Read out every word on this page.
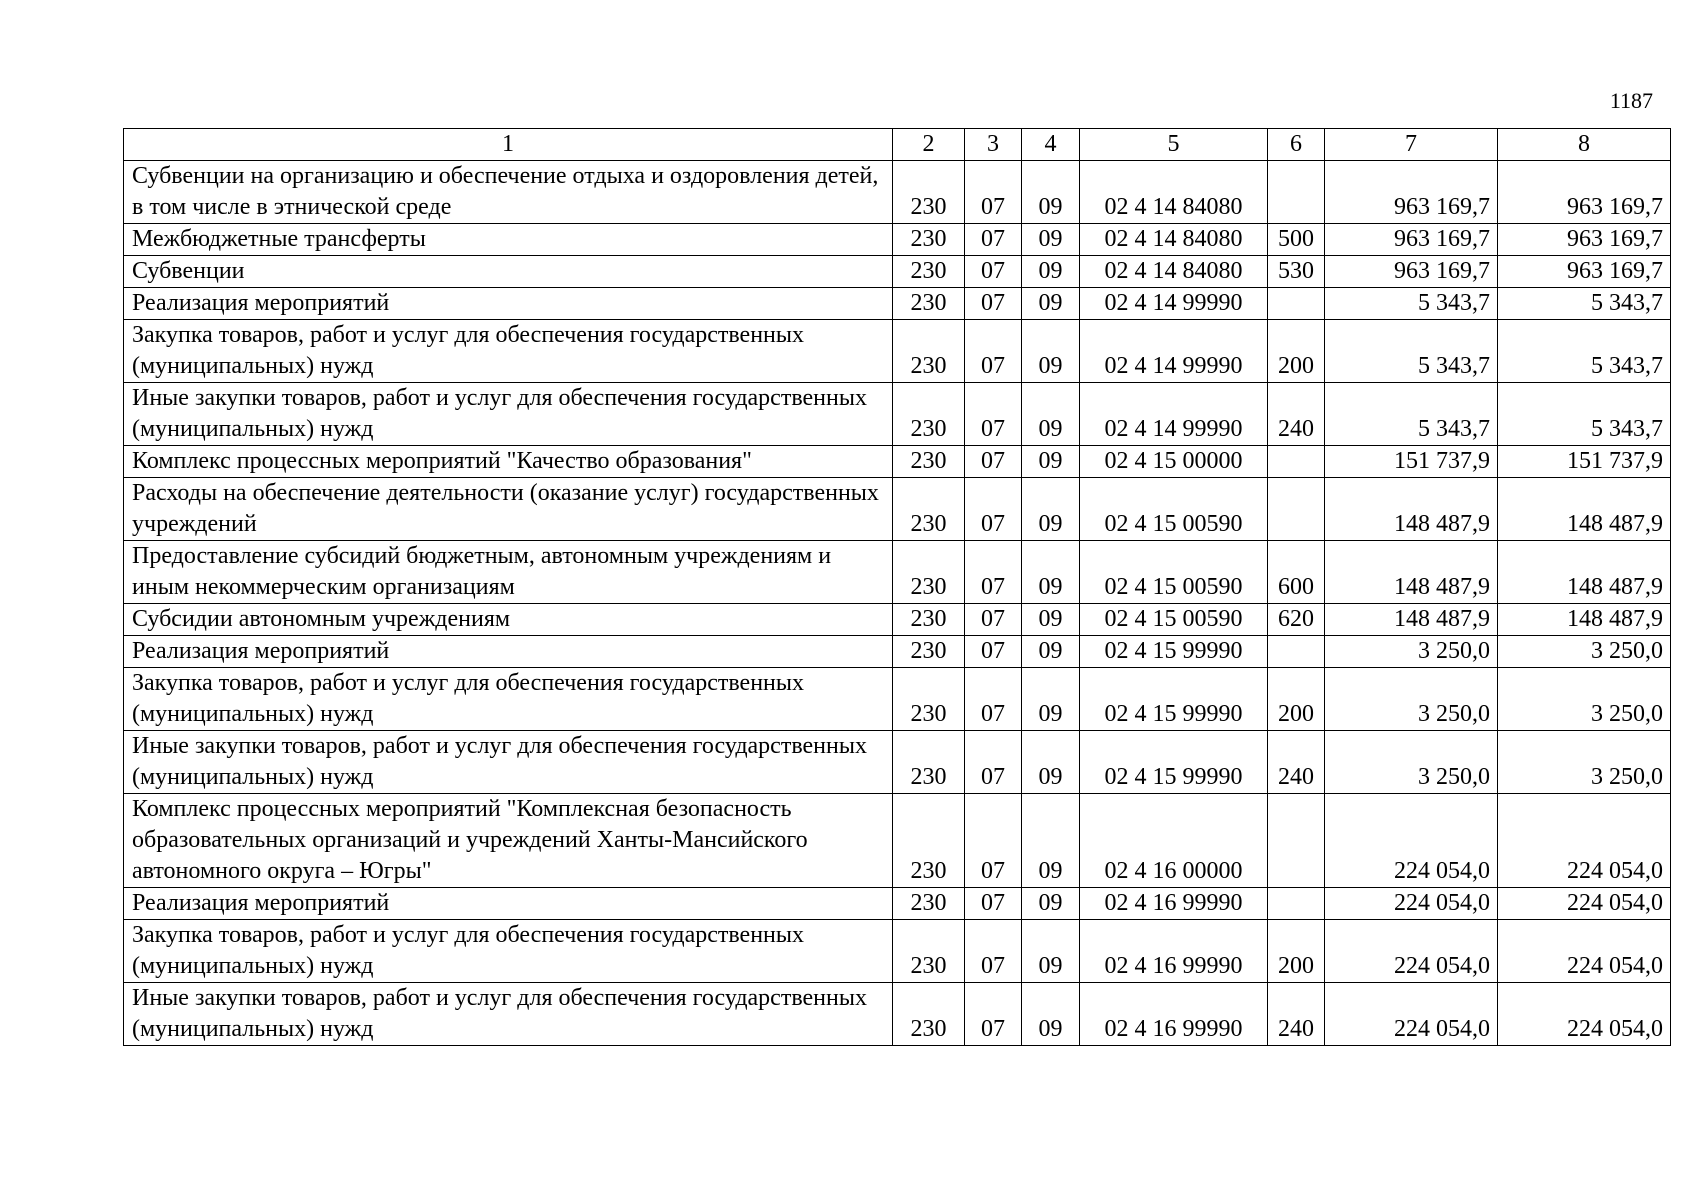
1187
1	2	3	4	5	6	7	8
Субвенции на организацию и обеспечение отдыха и оздоровления детей, в том числе в этнической среде	230	07	09	02 4 14 84080		963 169,7	963 169,7
Межбюджетные трансферты	230	07	09	02 4 14 84080	500	963 169,7	963 169,7
Субвенции	230	07	09	02 4 14 84080	530	963 169,7	963 169,7
Реализация мероприятий	230	07	09	02 4 14 99990		5 343,7	5 343,7
Закупка товаров, работ и услуг для обеспечения государственных (муниципальных) нужд	230	07	09	02 4 14 99990	200	5 343,7	5 343,7
Иные закупки товаров, работ и услуг для обеспечения государственных (муниципальных) нужд	230	07	09	02 4 14 99990	240	5 343,7	5 343,7
Комплекс процессных мероприятий "Качество образования"	230	07	09	02 4 15 00000		151 737,9	151 737,9
Расходы на обеспечение деятельности (оказание услуг) государственных учреждений	230	07	09	02 4 15 00590		148 487,9	148 487,9
Предоставление субсидий бюджетным, автономным учреждениям и иным некоммерческим организациям	230	07	09	02 4 15 00590	600	148 487,9	148 487,9
Субсидии автономным учреждениям	230	07	09	02 4 15 00590	620	148 487,9	148 487,9
Реализация мероприятий	230	07	09	02 4 15 99990		3 250,0	3 250,0
Закупка товаров, работ и услуг для обеспечения государственных (муниципальных) нужд	230	07	09	02 4 15 99990	200	3 250,0	3 250,0
Иные закупки товаров, работ и услуг для обеспечения государственных (муниципальных) нужд	230	07	09	02 4 15 99990	240	3 250,0	3 250,0
Комплекс процессных мероприятий "Комплексная безопасность образовательных организаций и учреждений Ханты-Мансийского автономного округа – Югры"	230	07	09	02 4 16 00000		224 054,0	224 054,0
Реализация мероприятий	230	07	09	02 4 16 99990		224 054,0	224 054,0
Закупка товаров, работ и услуг для обеспечения государственных (муниципальных) нужд	230	07	09	02 4 16 99990	200	224 054,0	224 054,0
Иные закупки товаров, работ и услуг для обеспечения государственных (муниципальных) нужд	230	07	09	02 4 16 99990	240	224 054,0	224 054,0
